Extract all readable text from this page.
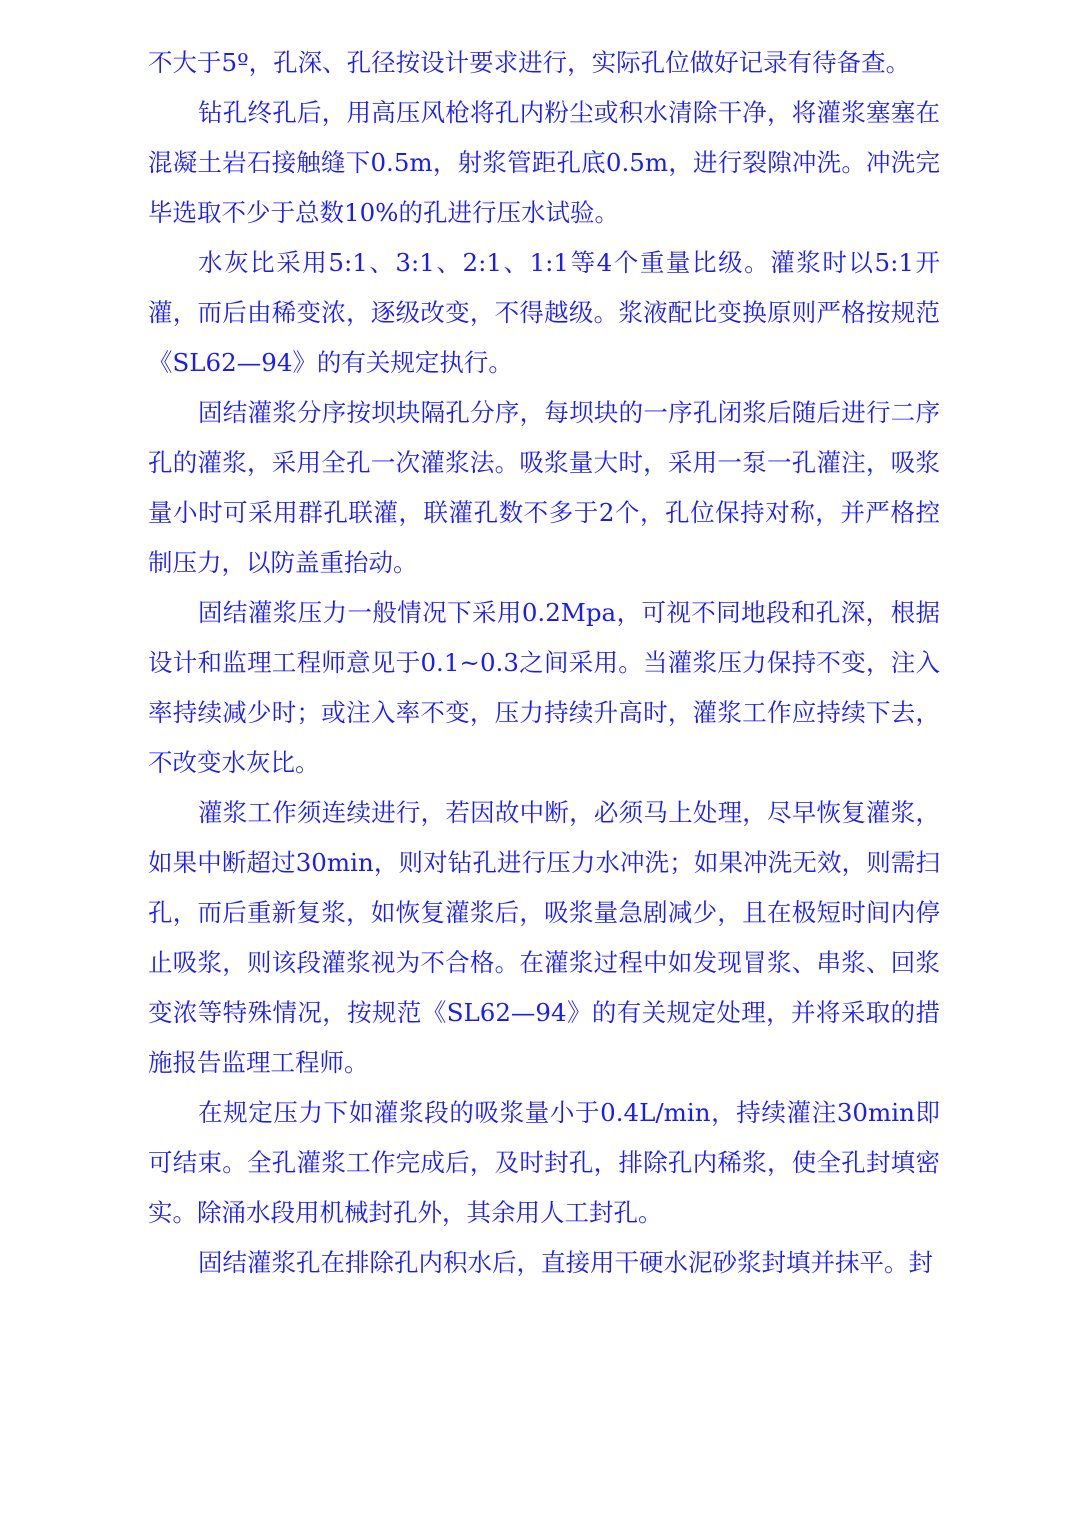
不大于5º，孔深、孔径按设计要求进行，实际孔位做好记录有待备查。

钻孔终孔后，用高压风枪将孔内粉尘或积水清除干净，将灌浆塞塞在混凝土岩石接触缝下0.5m，射浆管距孔底0.5m，进行裂隙冲洗。冲洗完毕选取不少于总数10%的孔进行压水试验。

水灰比采用5:1、3:1、2:1、1:1等4个重量比级。灌浆时以5:1开灌，而后由稀变浓，逐级改变，不得越级。浆液配比变换原则严格按规范《SL62—94》的有关规定执行。

固结灌浆分序按坝块隔孔分序，每坝块的一序孔闭浆后随后进行二序孔的灌浆，采用全孔一次灌浆法。吸浆量大时，采用一泵一孔灌注，吸浆量小时可采用群孔联灌，联灌孔数不多于2个，孔位保持对称，并严格控制压力，以防盖重抬动。

固结灌浆压力一般情况下采用0.2Mpa，可视不同地段和孔深，根据设计和监理工程师意见于0.1~0.3之间采用。当灌浆压力保持不变，注入率持续减少时；或注入率不变，压力持续升高时，灌浆工作应持续下去，不改变水灰比。

灌浆工作须连续进行，若因故中断，必须马上处理，尽早恢复灌浆，如果中断超过30min，则对钻孔进行压力水冲洗；如果冲洗无效，则需扫孔，而后重新复浆，如恢复灌浆后，吸浆量急剧减少，且在极短时间内停止吸浆，则该段灌浆视为不合格。在灌浆过程中如发现冒浆、串浆、回浆变浓等特殊情况，按规范《SL62—94》的有关规定处理，并将采取的措施报告监理工程师。

在规定压力下如灌浆段的吸浆量小于0.4L/min，持续灌注30min即可结束。全孔灌浆工作完成后，及时封孔，排除孔内稀浆，使全孔封填密实。除涌水段用机械封孔外，其余用人工封孔。

固结灌浆孔在排除孔内积水后，直接用干硬水泥砂浆封填并抹平。封
